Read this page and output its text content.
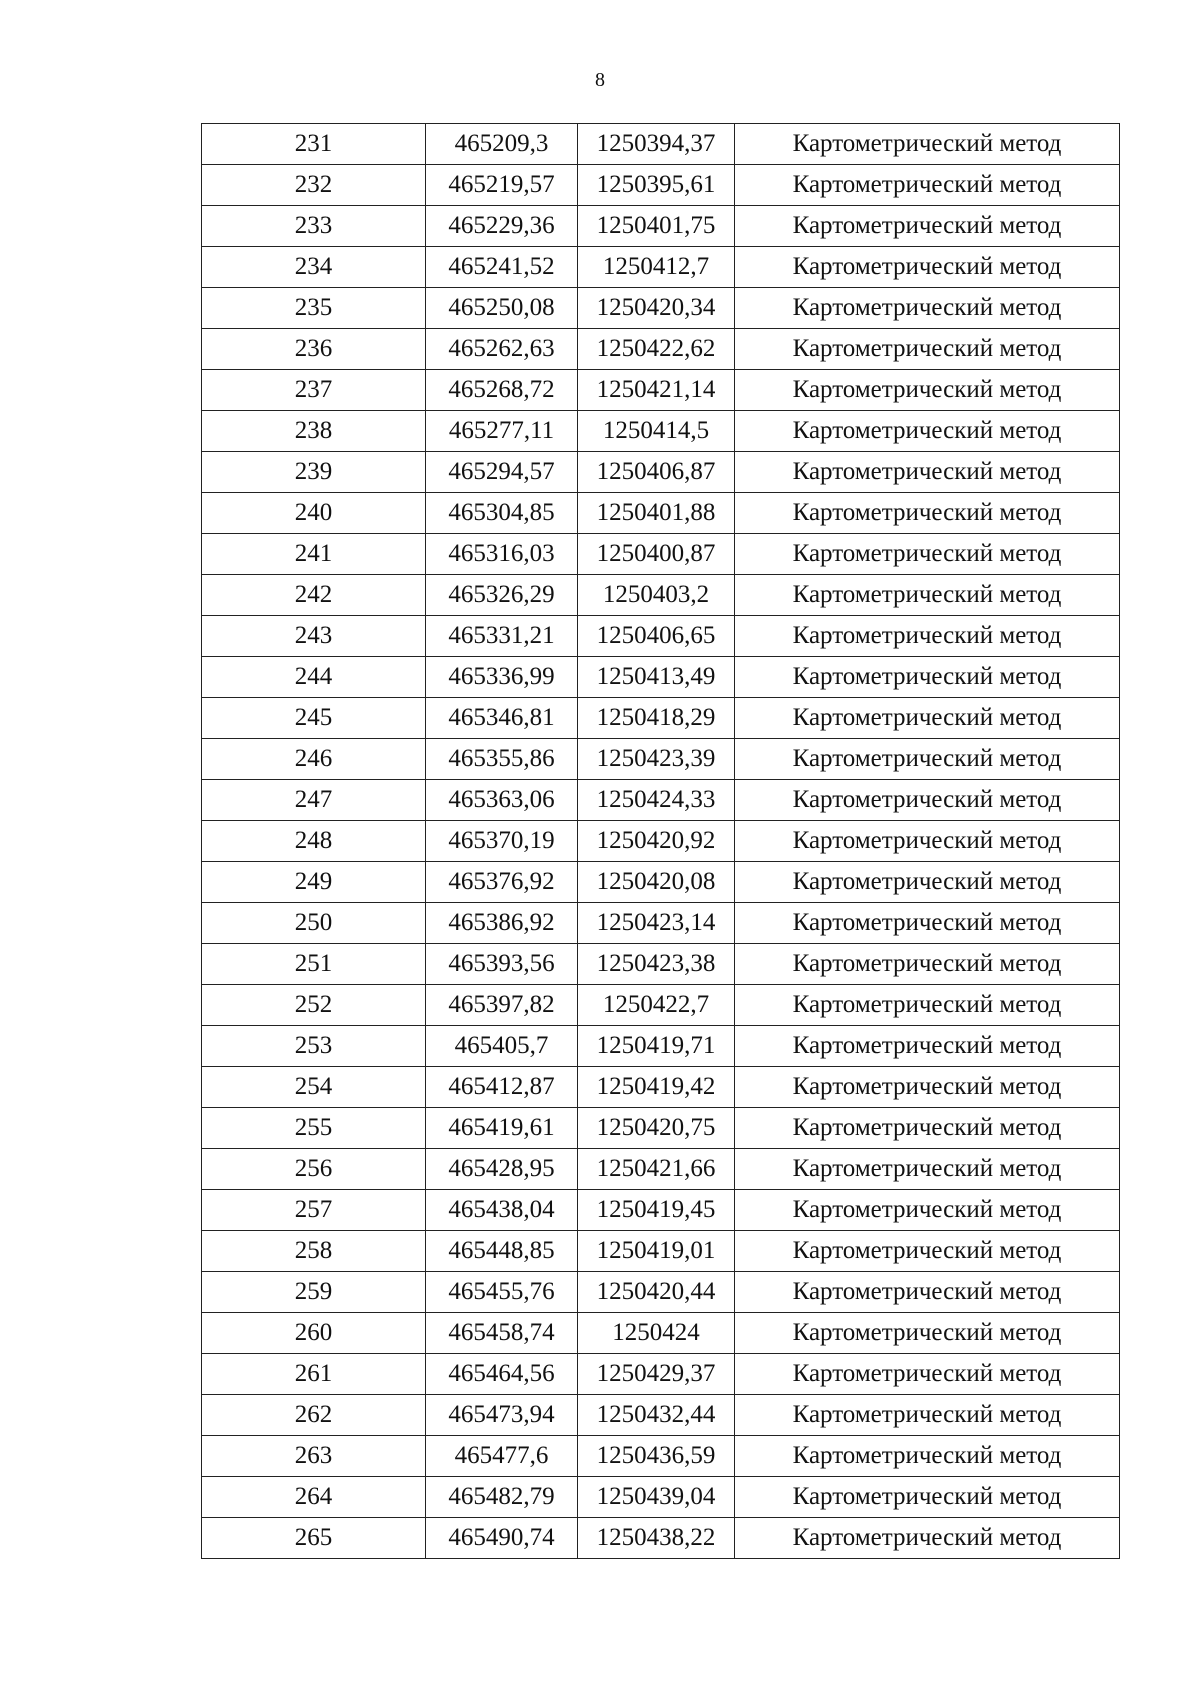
8
231	465209,3	1250394,37	Картометрический метод
232	465219,57	1250395,61	Картометрический метод
233	465229,36	1250401,75	Картометрический метод
234	465241,52	1250412,7	Картометрический метод
235	465250,08	1250420,34	Картометрический метод
236	465262,63	1250422,62	Картометрический метод
237	465268,72	1250421,14	Картометрический метод
238	465277,11	1250414,5	Картометрический метод
239	465294,57	1250406,87	Картометрический метод
240	465304,85	1250401,88	Картометрический метод
241	465316,03	1250400,87	Картометрический метод
242	465326,29	1250403,2	Картометрический метод
243	465331,21	1250406,65	Картометрический метод
244	465336,99	1250413,49	Картометрический метод
245	465346,81	1250418,29	Картометрический метод
246	465355,86	1250423,39	Картометрический метод
247	465363,06	1250424,33	Картометрический метод
248	465370,19	1250420,92	Картометрический метод
249	465376,92	1250420,08	Картометрический метод
250	465386,92	1250423,14	Картометрический метод
251	465393,56	1250423,38	Картометрический метод
252	465397,82	1250422,7	Картометрический метод
253	465405,7	1250419,71	Картометрический метод
254	465412,87	1250419,42	Картометрический метод
255	465419,61	1250420,75	Картометрический метод
256	465428,95	1250421,66	Картометрический метод
257	465438,04	1250419,45	Картометрический метод
258	465448,85	1250419,01	Картометрический метод
259	465455,76	1250420,44	Картометрический метод
260	465458,74	1250424	Картометрический метод
261	465464,56	1250429,37	Картометрический метод
262	465473,94	1250432,44	Картометрический метод
263	465477,6	1250436,59	Картометрический метод
264	465482,79	1250439,04	Картометрический метод
265	465490,74	1250438,22	Картометрический метод
